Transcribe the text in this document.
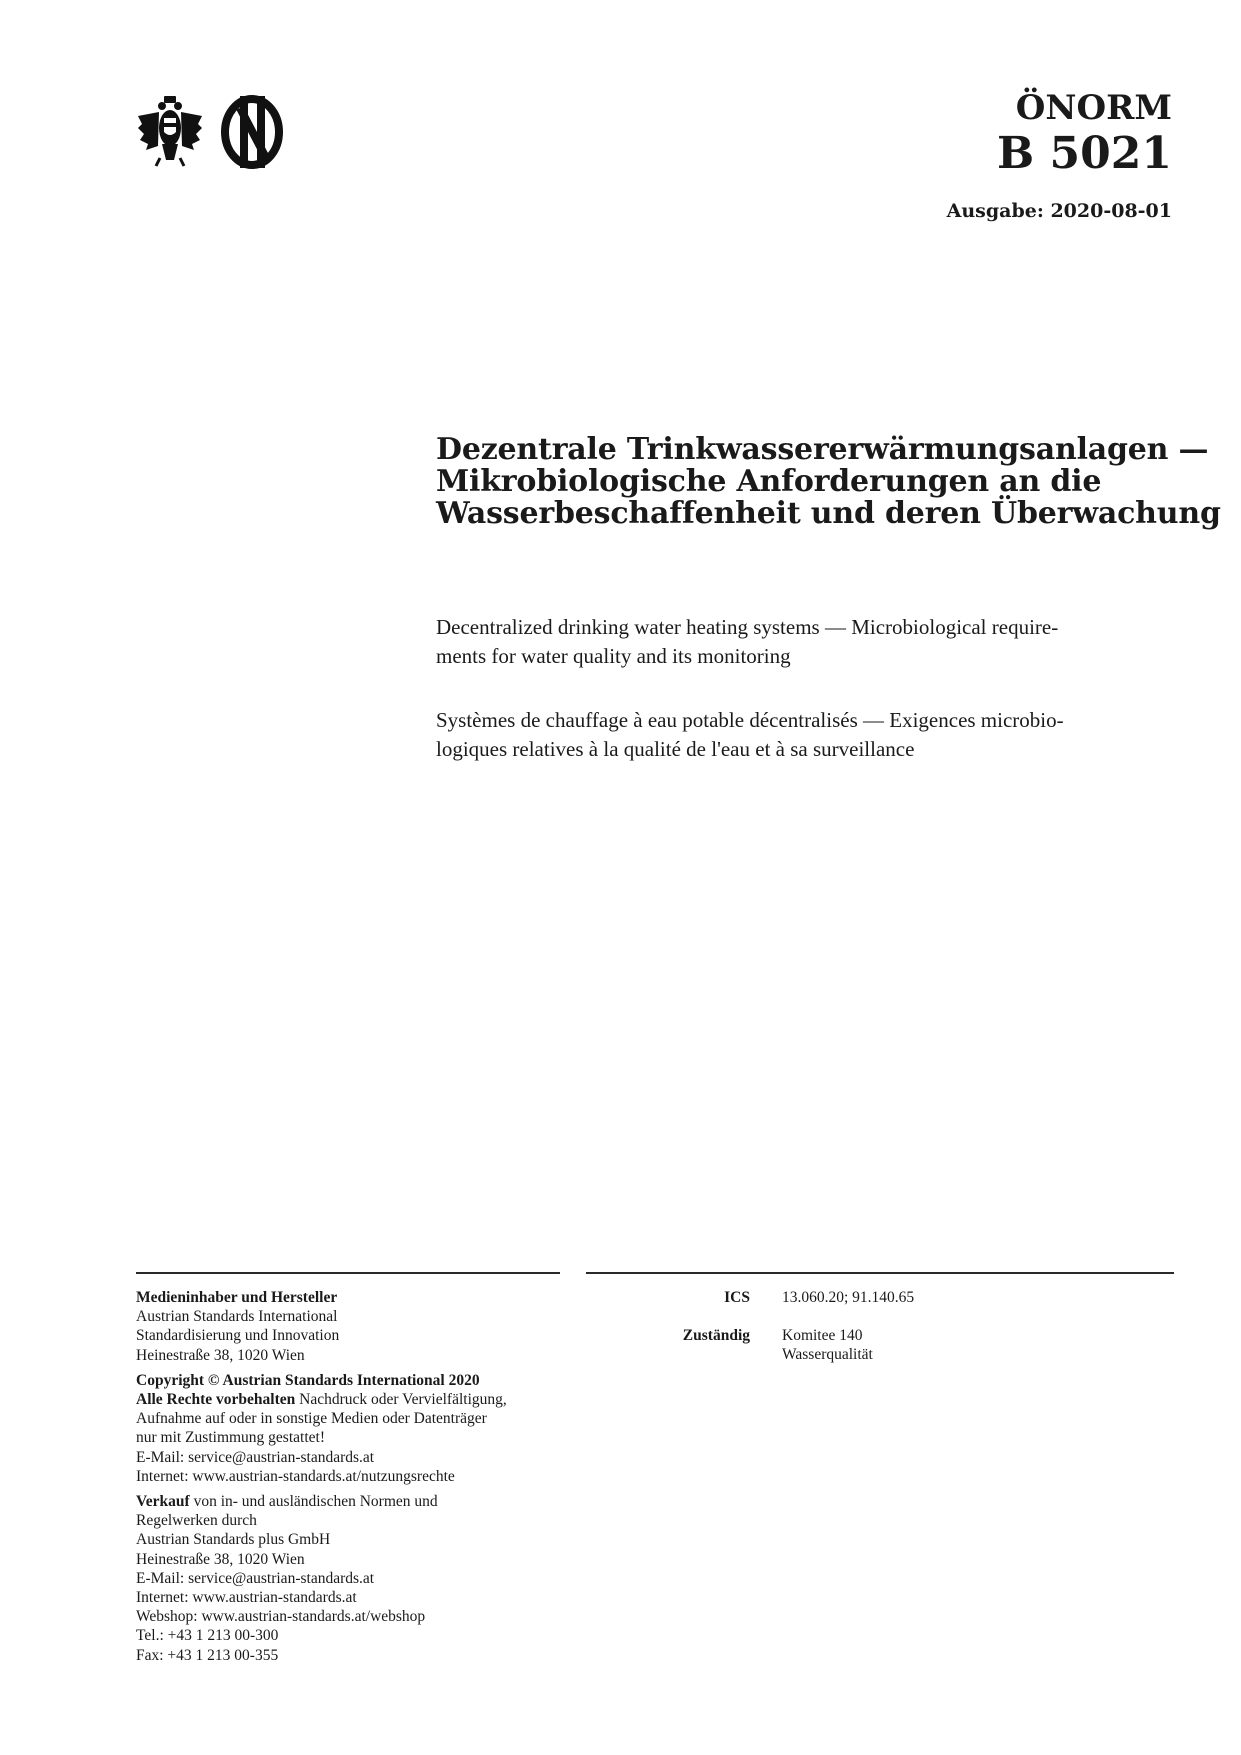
ÖNORM
B 5021
Ausgabe: 2020-08-01
Dezentrale Trinkwassererwärmungsanlagen —
Mikrobiologische Anforderungen an die
Wasserbeschaffenheit und deren Überwachung
Decentralized drinking water heating systems — Microbiological require-
ments for water quality and its monitoring
Systèmes de chauffage à eau potable décentralisés — Exigences microbio-
logiques relatives à la qualité de l'eau et à sa surveillance
Medieninhaber und Hersteller
Austrian Standards International
Standardisierung und Innovation
Heinestraße 38, 1020 Wien
Copyright © Austrian Standards International 2020
Alle Rechte vorbehalten Nachdruck oder Vervielfältigung,
Aufnahme auf oder in sonstige Medien oder Datenträger
nur mit Zustimmung gestattet!
E-Mail: service@austrian-standards.at
Internet: www.austrian-standards.at/nutzungsrechte
Verkauf von in- und ausländischen Normen und
Regelwerken durch
Austrian Standards plus GmbH
Heinestraße 38, 1020 Wien
E-Mail: service@austrian-standards.at
Internet: www.austrian-standards.at
Webshop: www.austrian-standards.at/webshop
Tel.: +43 1 213 00-300
Fax: +43 1 213 00-355
ICS	13.060.20; 91.140.65
Zuständig	Komitee 140
Wasserqualität
